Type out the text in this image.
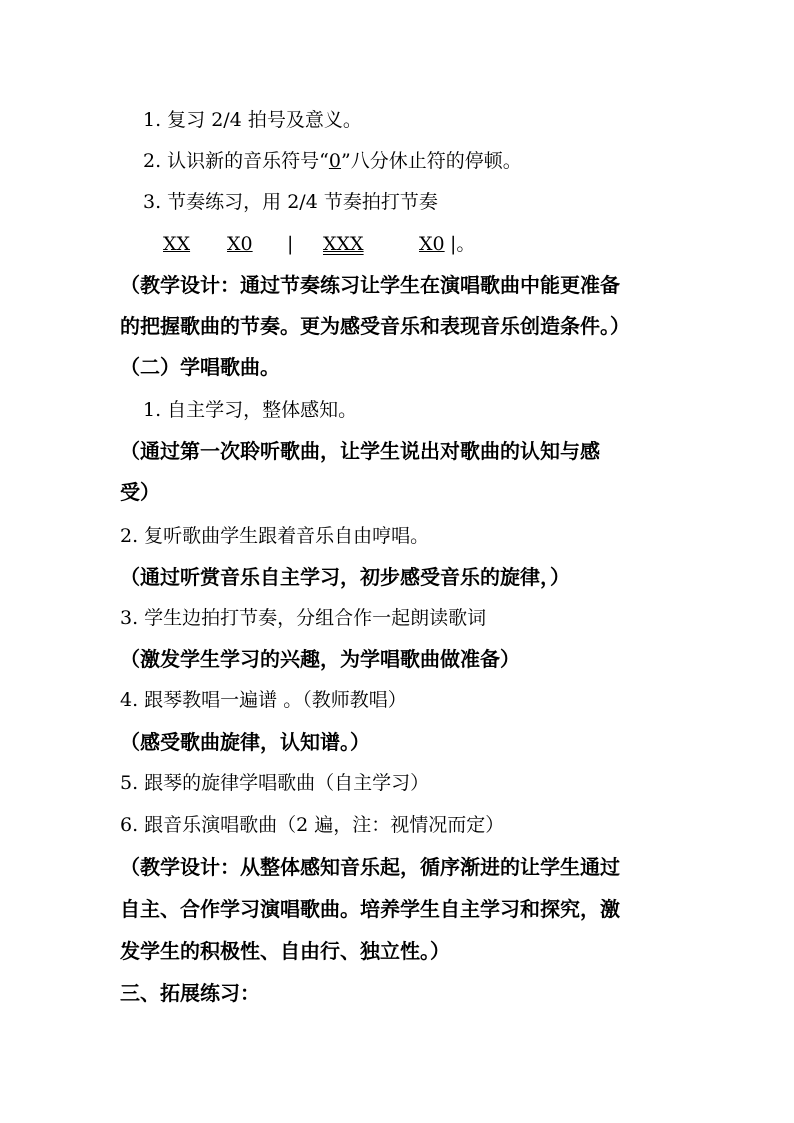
1. 复习 2/4 拍号及意义。
2. 认识新的音乐符号“0”八分休止符的停顿。
3. 节奏练习，用 2/4 节奏拍打节奏
XX X0 | XXX	X0 |。
（教学设计：通过节奏练习让学生在演唱歌曲中能更准备
的把握歌曲的节奏。更为感受音乐和表现音乐创造条件。）
（二）学唱歌曲。
1. 自主学习，整体感知。
（通过第一次聆听歌曲，让学生说出对歌曲的认知与感
受）
2. 复听歌曲学生跟着音乐自由哼唱。
（通过听赏音乐自主学习，初步感受音乐的旋律，）
3. 学生边拍打节奏，分组合作一起朗读歌词
（激发学生学习的兴趣，为学唱歌曲做准备）
4. 跟琴教唱一遍谱 。（教师教唱）
（感受歌曲旋律，认知谱。）
5. 跟琴的旋律学唱歌曲（自主学习）
6. 跟音乐演唱歌曲（2 遍，注：视情况而定）
（教学设计：从整体感知音乐起，循序渐进的让学生通过
自主、合作学习演唱歌曲。培养学生自主学习和探究，激
发学生的积极性、自由行、独立性。）
三、拓展练习：
